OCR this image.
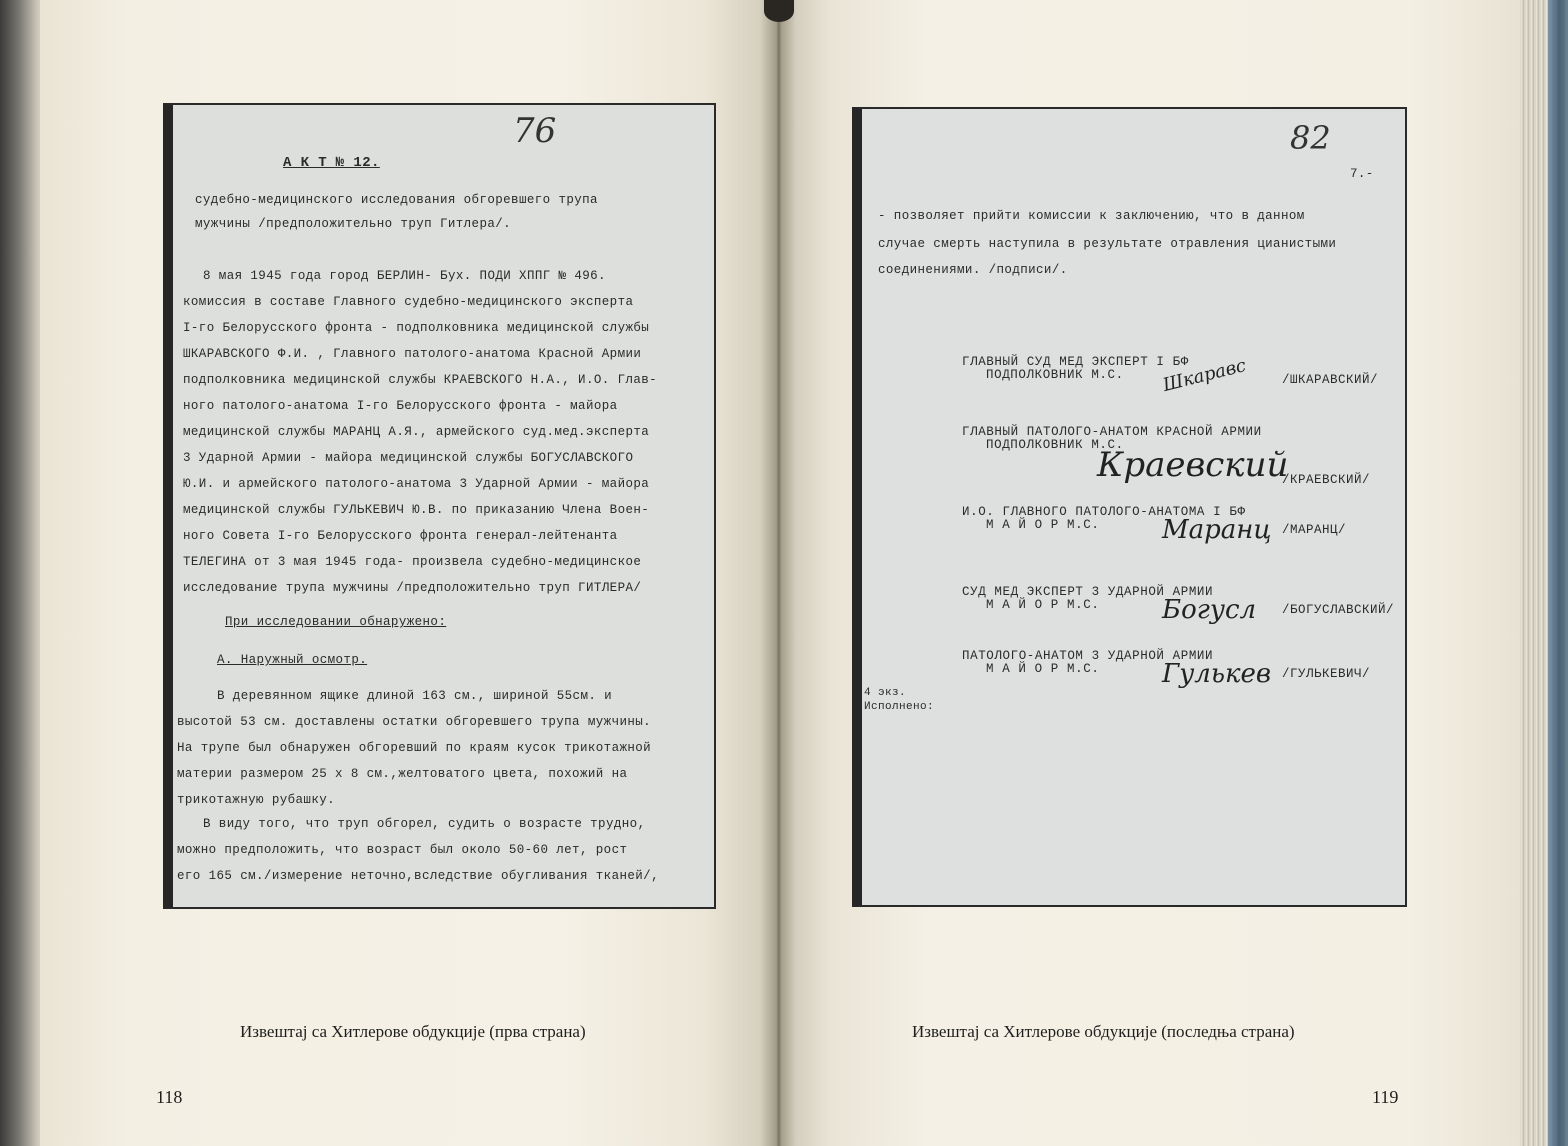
76
А К Т № 12.
судебно-медицинского исследования обгоревшего трупа
мужчины /предположительно труп Гитлера/.
8 мая 1945 года город БЕРЛИН- Бух. ПОДИ ХППГ № 496.
комиссия в составе Главного судебно-медицинского эксперта
I-го Белорусского фронта - подполковника медицинской службы
ШКАРАВСКОГО Ф.И. , Главного патолого-анатома Красной Армии
подполковника медицинской службы КРАЕВСКОГО Н.А., И.О. Глав-
ного патолого-анатома I-го Белорусского фронта - майора
медицинской службы МАРАНЦ А.Я., армейского суд.мед.эксперта
3 Ударной Армии - майора медицинской службы БОГУСЛАВСКОГО
Ю.И. и армейского патолого-анатома 3 Ударной Армии - майора
медицинской службы ГУЛЬКЕВИЧ Ю.В. по приказанию Члена Воен-
ного Совета I-го Белорусского фронта генерал-лейтенанта
ТЕЛЕГИНА от 3 мая 1945 года- произвела судебно-медицинское
исследование трупа мужчины /предположительно труп ГИТЛЕРА/
При исследовании обнаружено:
А. Наружный осмотр.
В деревянном ящике длиной 163 см., шириной 55см. и
высотой 53 см. доставлены остатки обгоревшего трупа мужчины.
На трупе был обнаружен обгоревший по краям кусок трикотажной
материи размером 25 х 8 см.,желтоватого цвета, похожий на
трикотажную рубашку.
В виду того, что труп обгорел, судить о возрасте трудно,
можно предположить, что возраст был около 50-60 лет, рост
его 165 см./измерение неточно,вследствие обугливания тканей/,
82
7.-
- позволяет прийти комиссии к заключению, что в данном
случае смерть наступила в результате отравления цианистыми
соединениями. /подписи/.
ГЛАВНЫЙ СУД МЕД ЭКСПЕРТ I БФ
ПОДПОЛКОВНИК М.С. Шкаравс	/ШКАРАВСКИЙ/
ГЛАВНЫЙ ПАТОЛОГО-АНАТОМ КРАСНОЙ АРМИИ
ПОДПОЛКОВНИК М.С.
Краевский
/КРАЕВСКИЙ/
И.О. ГЛАВНОГО ПАТОЛОГО-АНАТОМА I БФ
М А Й О Р М.С. Маранц /МАРАНЦ/
СУД МЕД ЭКСПЕРТ 3 УДАРНОЙ АРМИИ
М А Й О Р М.С. Богусл /БОГУСЛАВСКИЙ/
ПАТОЛОГО-АНАТОМ 3 УДАРНОЙ АРМИИ
М А Й О Р М.С. Гулькев /ГУЛЬКЕВИЧ/
4 экз.
Исполнено:
Извештај са Хитлерове обдукције (прва страна)	Извештај са Хитлерове обдукције (последња страна)
118	119
